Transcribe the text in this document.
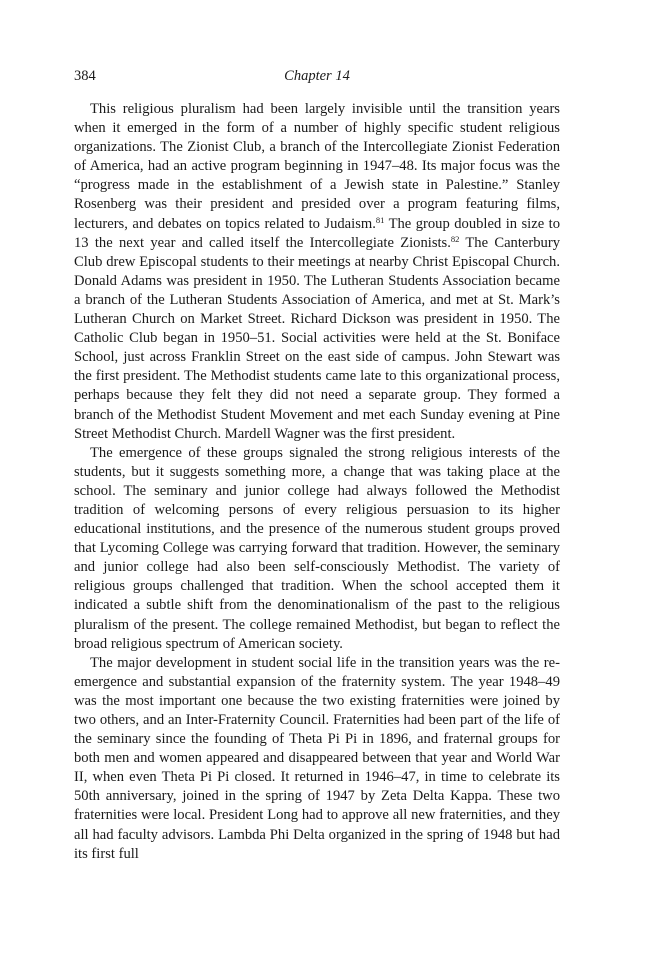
384	Chapter 14

This religious pluralism had been largely invisible until the transition years when it emerged in the form of a number of highly specific student religious organizations. The Zionist Club, a branch of the Intercollegiate Zionist Federation of America, had an active program beginning in 1947–48. Its major focus was the “progress made in the establishment of a Jewish state in Palestine.” Stanley Rosenberg was their president and presided over a program featuring films, lecturers, and debates on topics related to Judaism.$^{81}$ The group doubled in size to 13 the next year and called itself the Intercollegiate Zionists.$^{82}$ The Canterbury Club drew Episcopal students to their meetings at nearby Christ Episcopal Church. Donald Adams was president in 1950. The Lutheran Students Association became a branch of the Lutheran Students Association of America, and met at St. Mark’s Lutheran Church on Market Street. Richard Dickson was president in 1950. The Catholic Club began in 1950–51. Social activities were held at the St. Boniface School, just across Franklin Street on the east side of campus. John Stewart was the first president. The Methodist students came late to this organizational process, perhaps because they felt they did not need a separate group. They formed a branch of the Methodist Student Movement and met each Sunday evening at Pine Street Methodist Church. Mardell Wagner was the first president.

The emergence of these groups signaled the strong religious interests of the students, but it suggests something more, a change that was taking place at the school. The seminary and junior college had always followed the Methodist tradition of welcoming persons of every religious persuasion to its higher educational institutions, and the presence of the numerous student groups proved that Lycoming College was carrying forward that tradition. However, the seminary and junior college had also been self-consciously Methodist. The variety of religious groups challenged that tradition. When the school accepted them it indicated a subtle shift from the denominationalism of the past to the religious pluralism of the present. The college remained Methodist, but began to reflect the broad religious spectrum of American society.

The major development in student social life in the transition years was the re-emergence and substantial expansion of the fraternity system. The year 1948–49 was the most important one because the two existing fraternities were joined by two others, and an Inter-Fraternity Council. Fraternities had been part of the life of the seminary since the founding of Theta Pi Pi in 1896, and fraternal groups for both men and women appeared and disappeared between that year and World War II, when even Theta Pi Pi closed. It returned in 1946–47, in time to celebrate its 50th anniversary, joined in the spring of 1947 by Zeta Delta Kappa. These two fraternities were local. President Long had to approve all new fraternities, and they all had faculty advisors. Lambda Phi Delta organized in the spring of 1948 but had its first full
